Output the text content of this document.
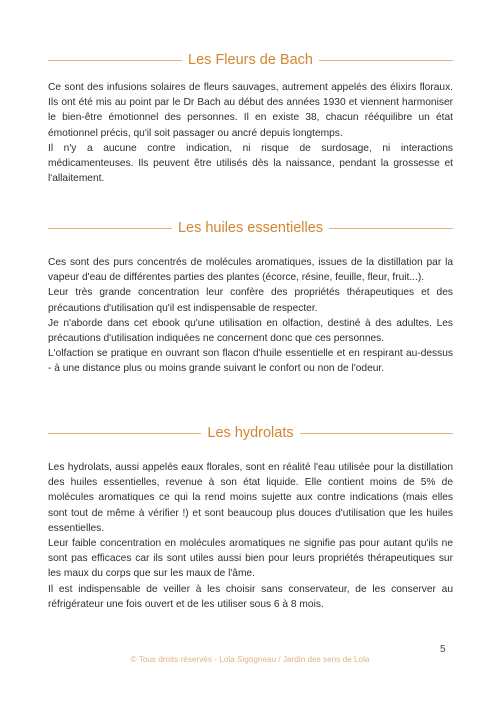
Les Fleurs de Bach

Ce sont des infusions solaires de fleurs sauvages, autrement appelés des élixirs floraux. Ils ont été mis au point par le Dr Bach au début des années 1930 et viennent harmoniser le bien-être émotionnel des personnes. Il en existe 38, chacun rééquilibre un état émotionnel précis, qu'il soit passager ou ancré depuis longtemps.

Il n'y a aucune contre indication, ni risque de surdosage, ni interactions médicamenteuses. Ils peuvent être utilisés dès la naissance, pendant la grossesse et l'allaitement.

Les huiles essentielles

Ces sont des purs concentrés de molécules aromatiques, issues de la distillation par la vapeur d'eau de différentes parties des plantes (écorce, résine, feuille, fleur, fruit...).

Leur très grande concentration leur confère des propriétés thérapeutiques et des précautions d'utilisation qu'il est indispensable de respecter.

Je n'aborde dans cet ebook qu'une utilisation en olfaction, destiné à des adultes. Les précautions d'utilisation indiquées ne concernent donc que ces personnes.

L'olfaction se pratique en ouvrant son flacon d'huile essentielle et en respirant au-dessus - à une distance plus ou moins grande suivant le confort ou non de l'odeur.

Les hydrolats

Les hydrolats, aussi appelés eaux florales, sont en réalité l'eau utilisée pour la distillation des huiles essentielles, revenue à son état liquide. Elle contient moins de 5% de molécules aromatiques ce qui la rend moins sujette aux contre indications (mais elles sont tout de même à vérifier !) et sont beaucoup plus douces d'utilisation que les huiles essentielles.

Leur faible concentration en molécules aromatiques ne signifie pas pour autant qu'ils ne sont pas efficaces car ils sont utiles aussi bien pour leurs propriétés thérapeutiques sur les maux du corps que sur les maux de l'âme.

Il est indispensable de veiller à les choisir sans conservateur, de les conserver au réfrigérateur une fois ouvert et de les utiliser sous 6 à 8 mois.

5
© Tous droits réservés - Lola Sigogneau / Jardin des sens de Lola
